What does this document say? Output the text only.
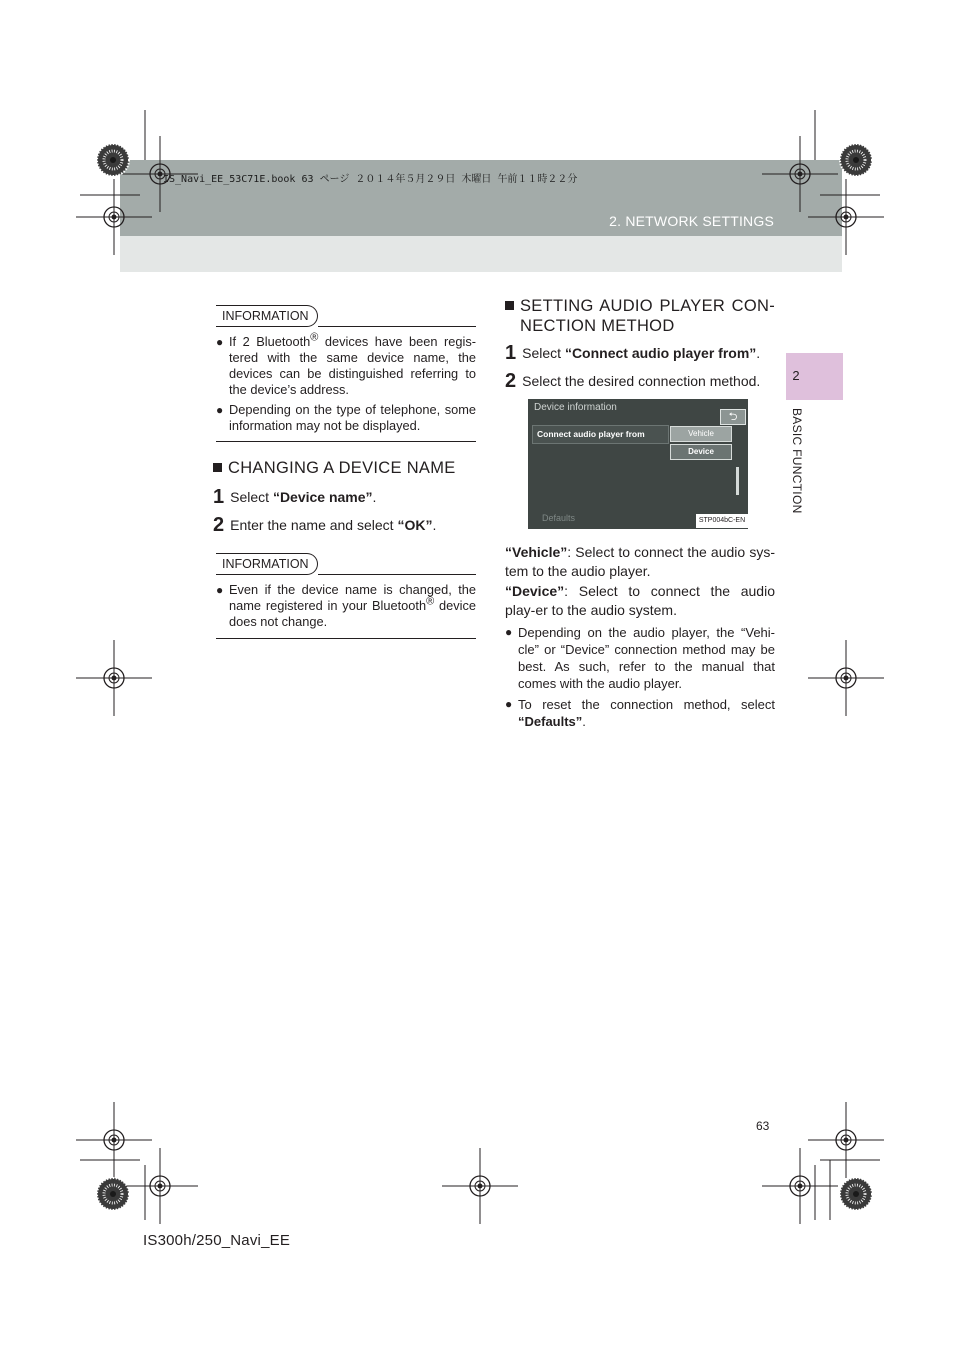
IS_Navi_EE_53C71E.book 63 ページ ２０１４年５月２９日 木曜日 午前１１時２２分
2. NETWORK SETTINGS
2
BASIC FUNCTION
INFORMATION
● If 2 Bluetooth® devices have been regis-tered with the same device name, the devices can be distinguished referring to the device’s address.
● Depending on the type of telephone, some information may not be displayed.
CHANGING A DEVICE NAME
1 Select “Device name”.
2 Enter the name and select “OK”.
INFORMATION
● Even if the device name is changed, the name registered in your Bluetooth® device does not change.
SETTING AUDIO PLAYER CON-
NECTION METHOD
1 Select “Connect audio player from”.
2 Select the desired connection method.
Device information
⮌
Connect audio player from	Vehicle
Device
Defaults	STP004bC-EN
“Vehicle”: Select to connect the audio sys-tem to the audio player.
“Device”: Select to connect the audio play-er to the audio system.
● Depending on the audio player, the “Vehi-cle” or “Device” connection method may be best. As such, refer to the manual that comes with the audio player.
● To reset the connection method, select “Defaults”.
63
IS300h/250_Navi_EE
